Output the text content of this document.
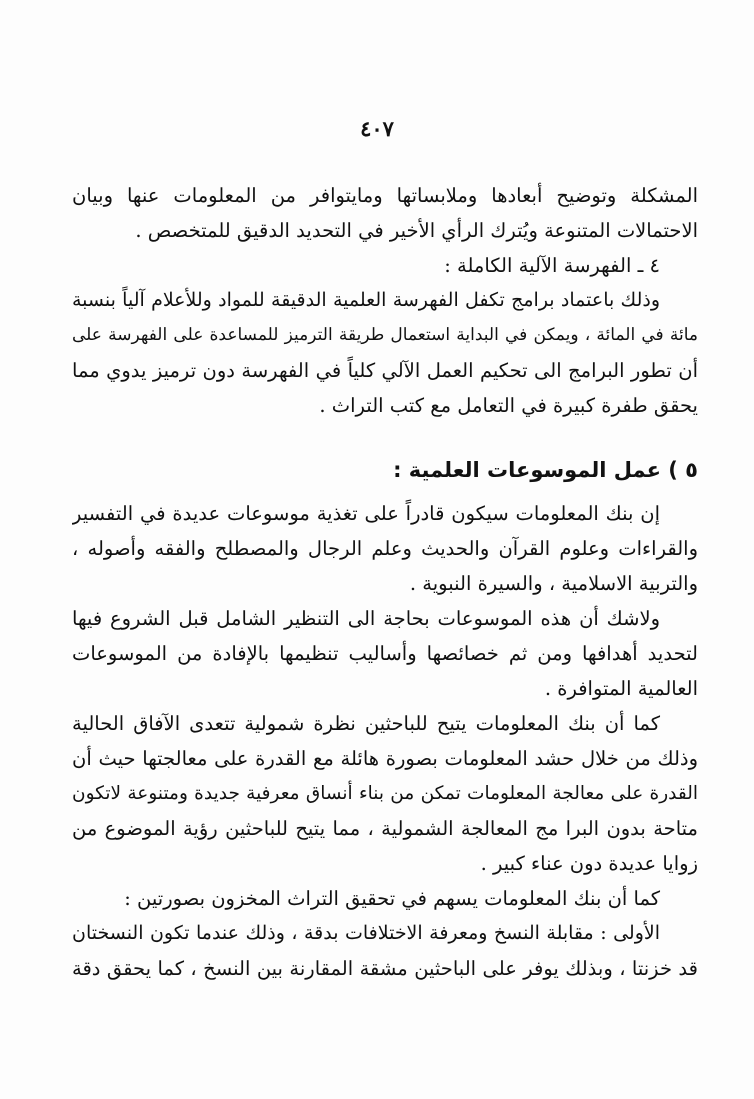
٤٠٧
المشكلة وتوضيح أبعادها وملابساتها ومايتوافر من المعلومات عنها وبيان
الاحتمالات المتنوعة ويُترك الرأي الأخير في التحديد الدقيق للمتخصص .
٤ ـ الفهرسة الآلية الكاملة :
وذلك باعتماد برامج تكفل الفهرسة العلمية الدقيقة للمواد وللأعلام آلياً بنسبة
مائة في المائة ، ويمكن في البداية استعمال طريقة الترميز للمساعدة على الفهرسة على
أن تطور البرامج الى تحكيم العمل الآلي كلياً في الفهرسة دون ترميز يدوي مما
يحقق طفرة كبيرة في التعامل مع كتب التراث .
٥ ) عمل الموسوعات العلمية :
إن بنك المعلومات سيكون قادراً على تغذية موسوعات عديدة في التفسير
والقراءات وعلوم القرآن والحديث وعلم الرجال والمصطلح والفقه وأصوله ،
والتربية الاسلامية ، والسيرة النبوية .
ولاشك أن هذه الموسوعات بحاجة الى التنظير الشامل قبل الشروع فيها
لتحديد أهدافها ومن ثم خصائصها وأساليب تنظيمها بالإفادة من الموسوعات
العالمية المتوافرة .
كما أن بنك المعلومات يتيح للباحثين نظرة شمولية تتعدى الآفاق الحالية
وذلك من خلال حشد المعلومات بصورة هائلة مع القدرة على معالجتها حيث أن
القدرة على معالجة المعلومات تمكن من بناء أنساق معرفية جديدة ومتنوعة لاتكون
متاحة بدون البرا مج المعالجة الشمولية ، مما يتيح للباحثين رؤية الموضوع من
زوايا عديدة دون عناء كبير .
كما أن بنك المعلومات يسهم في تحقيق التراث المخزون بصورتين :
الأولى : مقابلة النسخ ومعرفة الاختلافات بدقة ، وذلك عندما تكون النسختان
قد خزنتا ، وبذلك يوفر على الباحثين مشقة المقارنة بين النسخ ، كما يحقق دقة
